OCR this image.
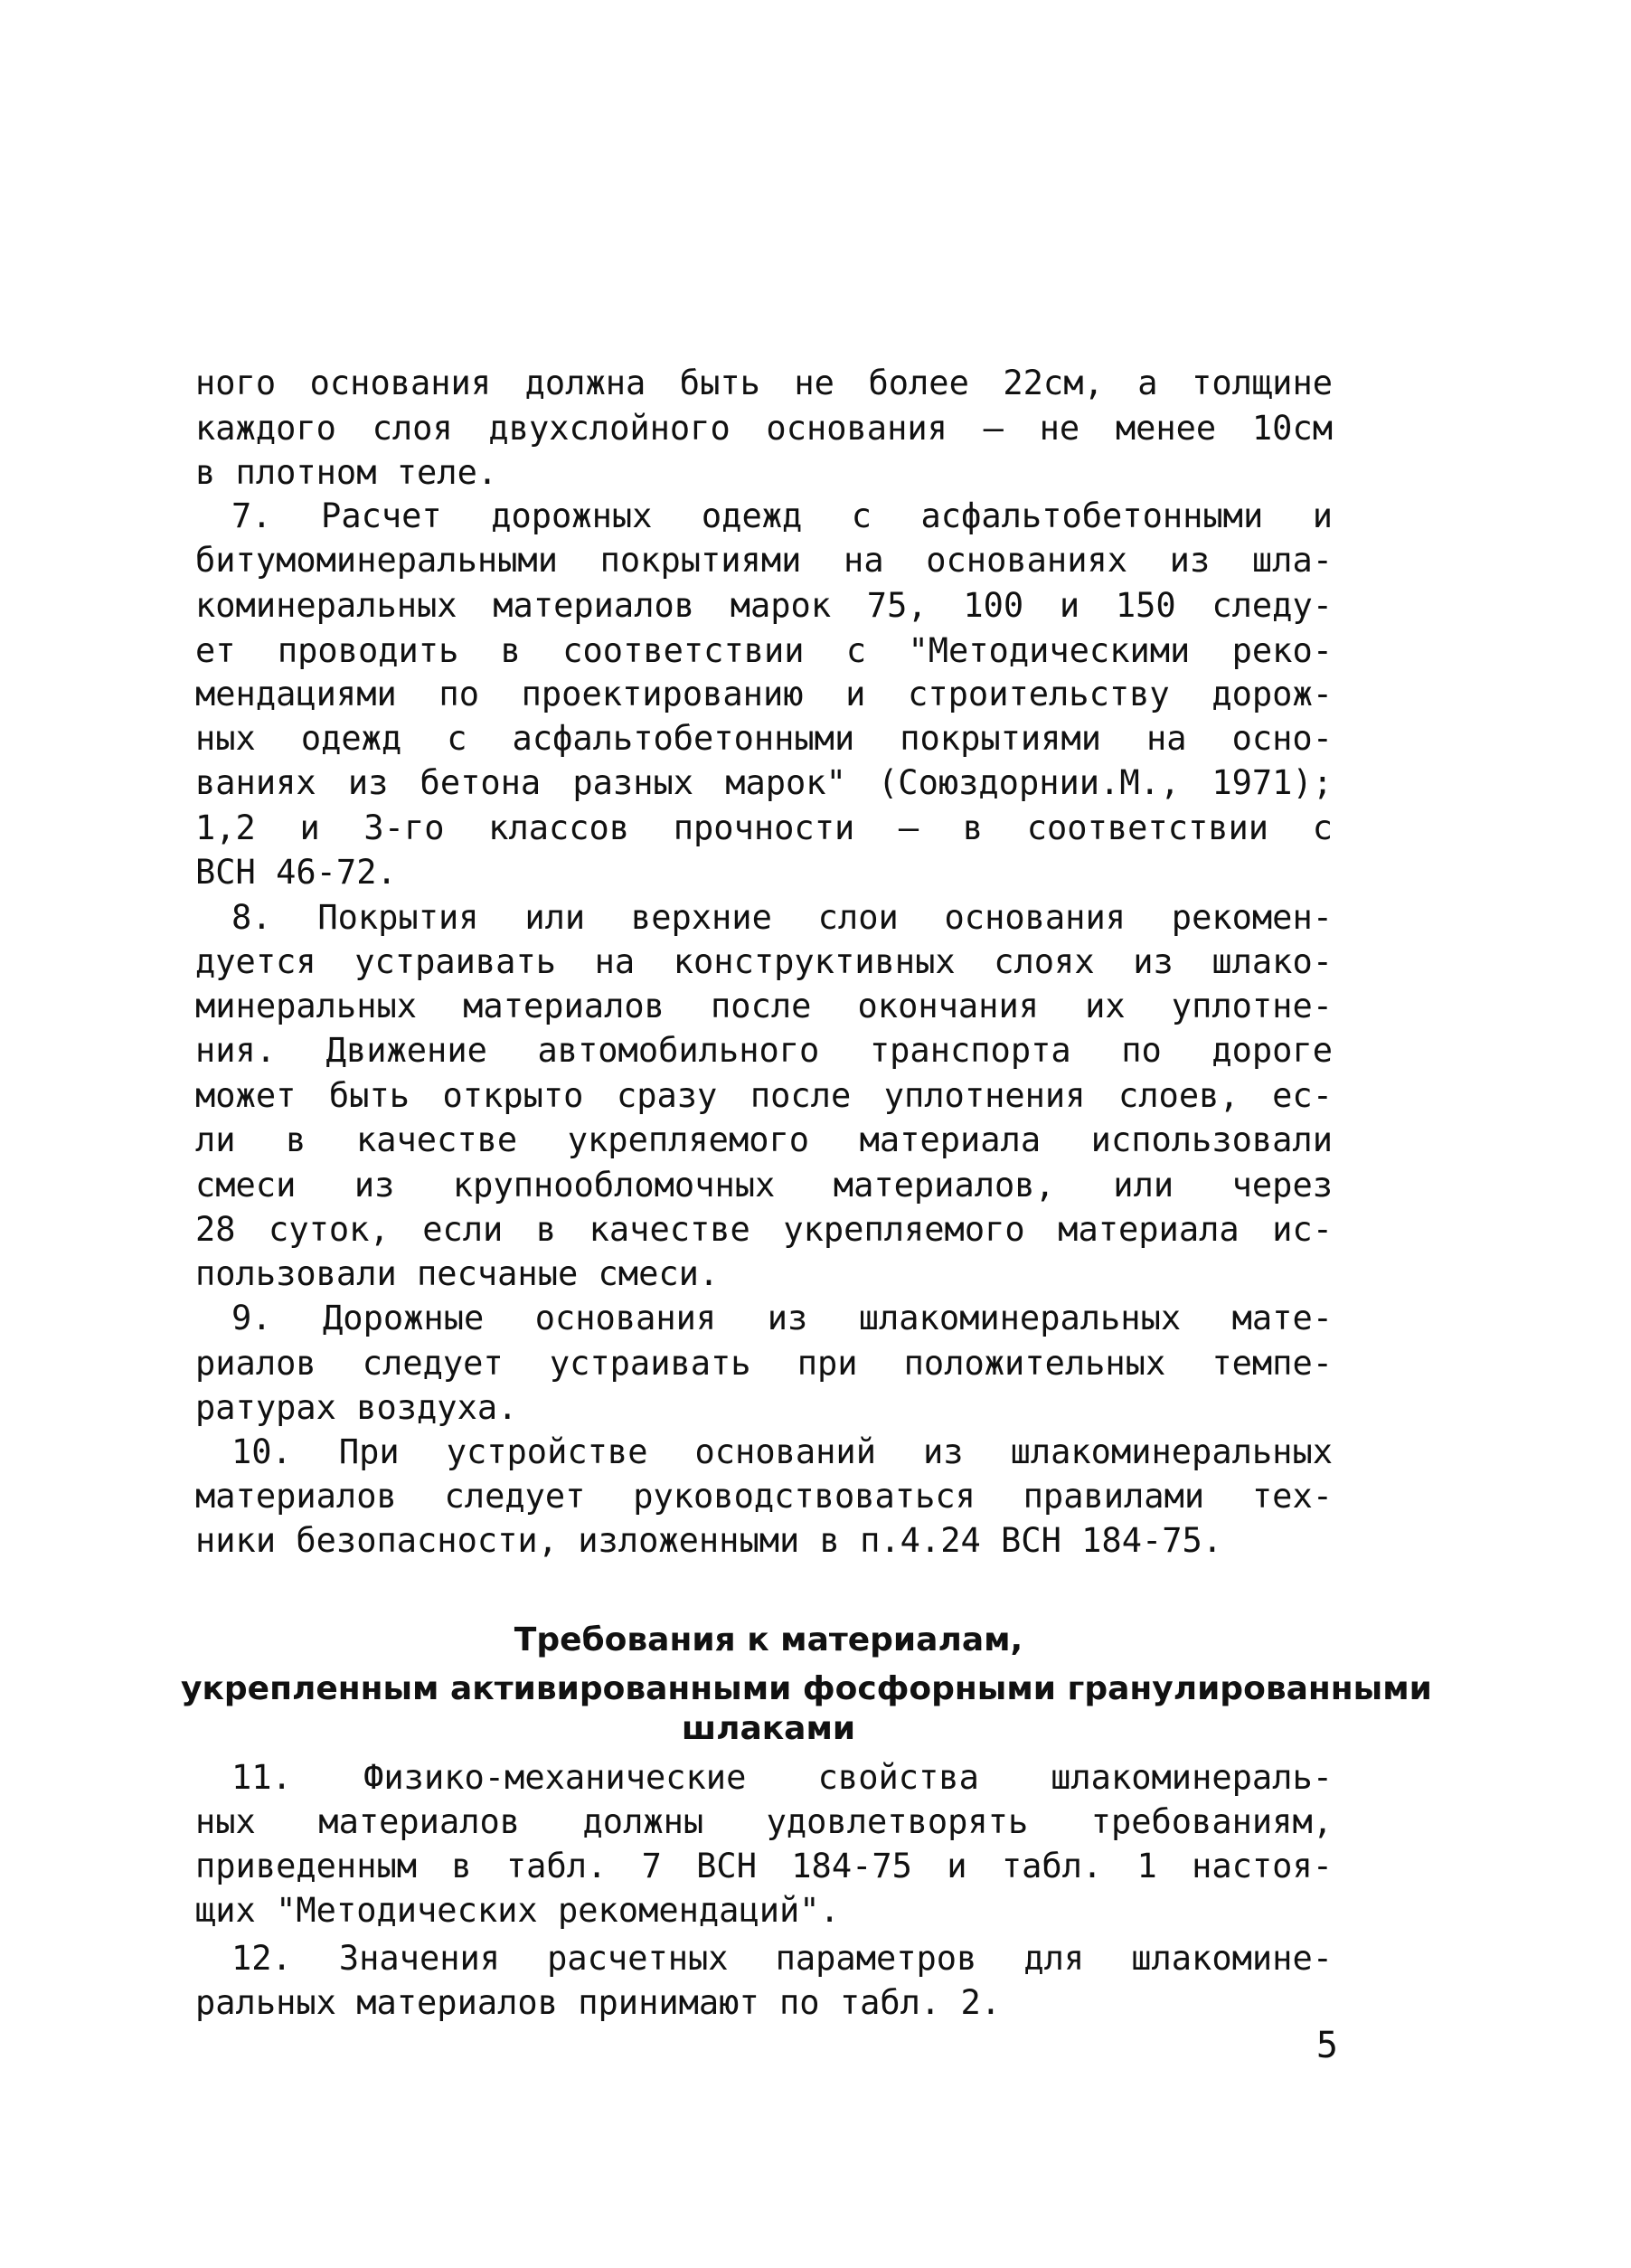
ного основания должна быть не более 22см, а толщине
каждого слоя двухслойного основания – не менее 10см
в плотном теле.
7. Расчет дорожных одежд с асфальтобетонными и
битумоминеральными покрытиями на основаниях из шла-
коминеральных материалов марок 75, 100 и 150 следу-
ет проводить в соответствии с "Методическими реко-
мендациями по проектированию и строительству дорож-
ных одежд с асфальтобетонными покрытиями на осно-
ваниях из бетона разных марок" (Союздорнии.М., 1971);
1,2 и 3-го классов прочности – в соответствии с
ВСН 46-72.
8. Покрытия или верхние слои основания рекомен-
дуется устраивать на конструктивных слоях из шлако-
минеральных материалов после окончания их уплотне-
ния. Движение автомобильного транспорта по дороге
может быть открыто сразу после уплотнения слоев, ес-
ли в качестве укрепляемого материала использовали
смеси из крупнообломочных материалов, или через
28 суток, если в качестве укрепляемого материала ис-
пользовали песчаные смеси.
9. Дорожные основания из шлакоминеральных мате-
риалов следует устраивать при положительных темпе-
ратурах воздуха.
10. При устройстве оснований из шлакоминеральных
материалов следует руководствоваться правилами тех-
ники безопасности, изложенными в п.4.24 ВСН 184-75.
Требования к материалам,
укрепленным активированными фосфорными гранулированными
шлаками
11. Физико-механические свойства шлакоминераль-
ных материалов должны удовлетворять требованиям,
приведенным в табл. 7 ВСН 184-75 и табл. 1 настоя-
щих "Методических рекомендаций".
12. Значения расчетных параметров для шлакомине-
ральных материалов принимают по табл. 2.
5
